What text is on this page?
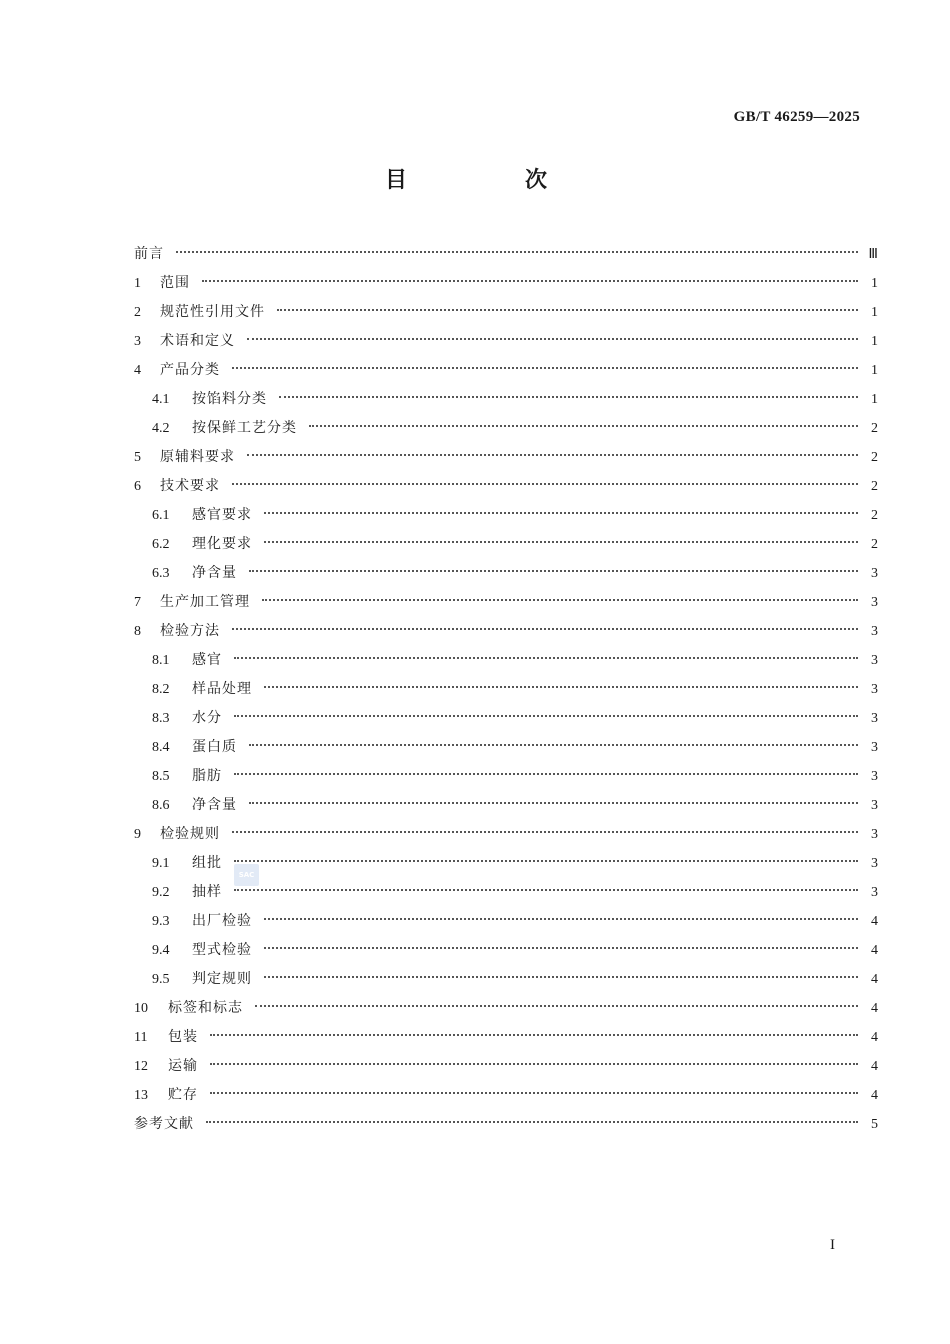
GB/T 46259—2025
目　次
前言	Ⅲ
1	范围	1
2	规范性引用文件	1
3	术语和定义	1
4	产品分类	1
4.1	按馅料分类	1
4.2	按保鲜工艺分类	2
5	原辅料要求	2
6	技术要求	2
6.1	感官要求	2
6.2	理化要求	2
6.3	净含量	3
7	生产加工管理	3
8	检验方法	3
8.1	感官	3
8.2	样品处理	3
8.3	水分	3
8.4	蛋白质	3
8.5	脂肪	3
8.6	净含量	3
9	检验规则	3
9.1	组批	3
9.2	抽样	3
9.3	出厂检验	4
9.4	型式检验	4
9.5	判定规则	4
10	标签和标志	4
11	包装	4
12	运输	4
13	贮存	4
参考文献	5
SAC
I
